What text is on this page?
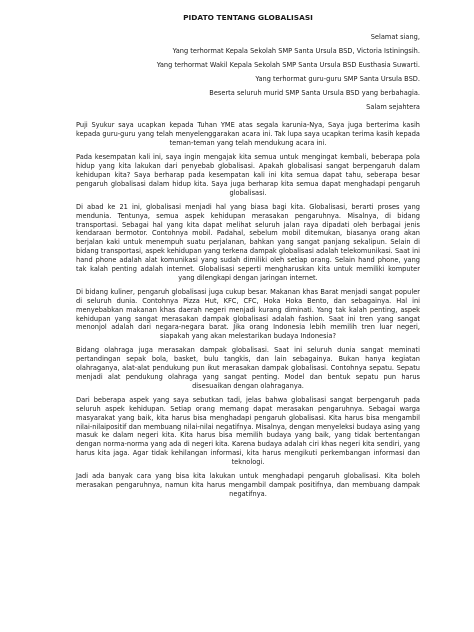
PIDATO TENTANG GLOBALISASI
Selamat siang,
Yang terhormat Kepala Sekolah SMP Santa Ursula BSD, Victoria Istiningsih.
Yang terhormat Wakil Kepala Sekolah SMP Santa Ursula BSD Eusthasia Suwarti.
Yang terhormat guru-guru SMP Santa Ursula BSD.
Beserta seluruh murid SMP Santa Ursula BSD yang berbahagia.
Salam sejahtera
Puji Syukur saya ucapkan kepada Tuhan YME atas segala karunia-Nya, Saya juga berterima kasih kepada guru-guru yang telah menyelenggarakan acara ini. Tak lupa saya ucapkan terima kasih kepada teman-teman yang telah mendukung acara ini.
Pada kesempatan kali ini, saya ingin mengajak kita semua untuk mengingat kembali, beberapa pola hidup yang kita lakukan dari penyebab globalisasi. Apakah globalisasi sangat berpengaruh dalam kehidupan kita? Saya berharap pada kesempatan kali ini kita semua dapat tahu, seberapa besar pengaruh globalisasi dalam hidup kita. Saya juga berharap kita semua dapat menghadapi pengaruh globalisasi.
Di abad ke 21 ini, globalisasi menjadi hal yang biasa bagi kita. Globalisasi, berarti proses yang mendunia. Tentunya, semua aspek kehidupan merasakan pengaruhnya. Misalnya, di bidang transportasi. Sebagai hal yang kita dapat melihat seluruh jalan raya dipadati oleh berbagai jenis kendaraan bermotor. Contohnya mobil. Padahal, sebelum mobil ditemukan, biasanya orang akan berjalan kaki untuk menempuh suatu perjalanan, bahkan yang sangat panjang sekalipun. Selain di bidang transportasi, aspek kehidupan yang terkena dampak globalisasi adalah telekomunikasi. Saat ini hand phone adalah alat komunikasi yang sudah dimiliki oleh setiap orang. Selain hand phone, yang tak kalah penting adalah internet. Globalisasi seperti mengharuskan kita untuk memiliki komputer yang dilengkapi dengan jaringan internet.
Di bidang kuliner, pengaruh globalisasi juga cukup besar. Makanan khas Barat menjadi sangat populer di seluruh dunia. Contohnya Pizza Hut, KFC, CFC, Hoka Hoka Bento, dan sebagainya. Hal ini menyebabkan makanan khas daerah negeri menjadi kurang diminati. Yang tak kalah penting, aspek kehidupan yang sangat merasakan dampak globalisasi adalah fashion. Saat ini tren yang sangat menonjol adalah dari negara-negara barat. Jika orang Indonesia lebih memilih tren luar negeri, siapakah yang akan melestarikan budaya Indonesia?
Bidang olahraga juga merasakan dampak globalisasi. Saat ini seluruh dunia sangat meminati pertandingan sepak bola, basket, bulu tangkis, dan lain sebagainya. Bukan hanya kegiatan olahraganya, alat-alat pendukung pun ikut merasakan dampak globalisasi. Contohnya sepatu. Sepatu menjadi alat pendukung olahraga yang sangat penting. Model dan bentuk sepatu pun harus disesuaikan dengan olahraganya.
Dari beberapa aspek yang saya sebutkan tadi, jelas bahwa globalisasi sangat berpengaruh pada seluruh aspek kehidupan. Setiap orang memang dapat merasakan pengaruhnya. Sebagai warga masyarakat yang baik, kita harus bisa menghadapi pengaruh globalisasi. Kita harus bisa mengambil nilai-nilaipositif dan membuang nilai-nilai negatifnya. Misalnya, dengan menyeleksi budaya asing yang masuk ke dalam negeri kita. Kita harus bisa memilih budaya yang baik, yang tidak bertentangan dengan norma-norma yang ada di negeri kita. Karena budaya adalah ciri khas negeri kita sendiri, yang harus kita jaga. Agar tidak kehilangan informasi, kita harus mengikuti perkembangan informasi dan teknologi.
Jadi ada banyak cara yang bisa kita lakukan untuk menghadapi pengaruh globalisasi. Kita boleh merasakan pengaruhnya, namun kita harus mengambil dampak positifnya, dan membuang dampak negatifnya.
